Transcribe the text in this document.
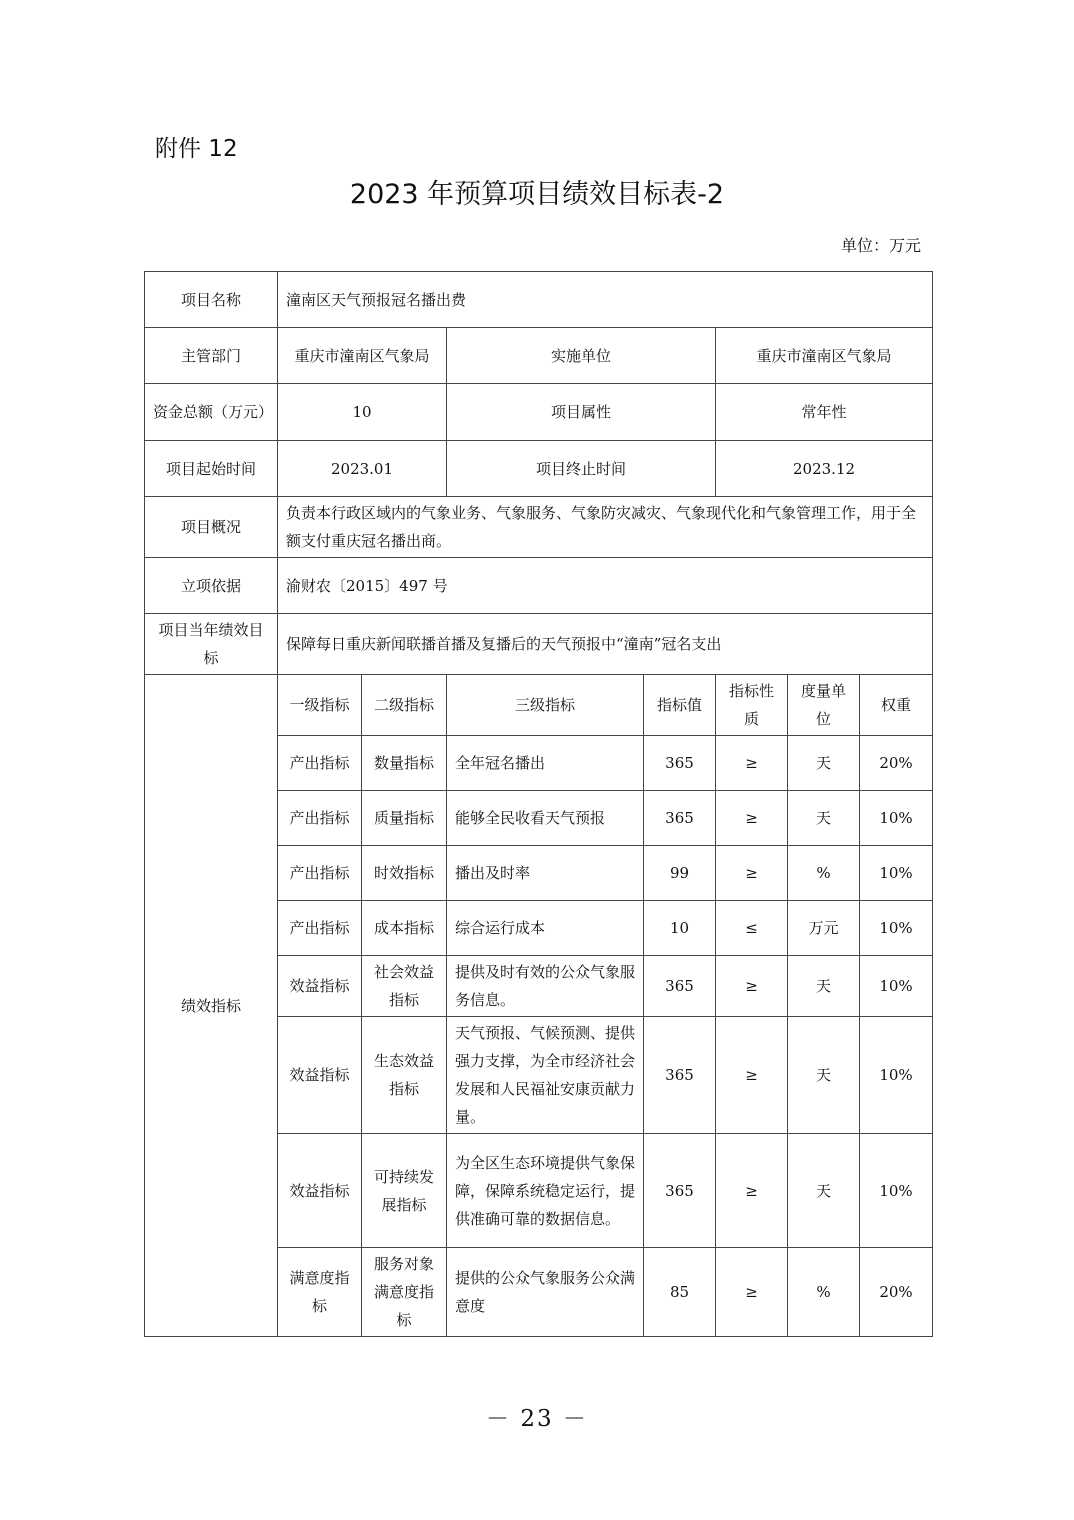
附件 12
2023 年预算项目绩效目标表-2
单位：万元
项目名称	潼南区天气预报冠名播出费						
主管部门	重庆市潼南区气象局		实施单位		重庆市潼南区气象局		
资金总额（万元）	10		项目属性		常年性		
项目起始时间	2023.01		项目终止时间		2023.12		
项目概况	负责本行政区域内的气象业务、气象服务、气象防灾减灾、气象现代化和气象管理工作，用于全额支付重庆冠名播出商。						
立项依据	渝财农〔2015〕497 号						
项目当年绩效目标	保障每日重庆新闻联播首播及复播后的天气预报中“潼南”冠名支出						
绩效指标	一级指标	二级指标	三级指标	指标值	指标性质	度量单位	权重
	产出指标	数量指标	全年冠名播出	365	≥	天	20%
	产出指标	质量指标	能够全民收看天气预报	365	≥	天	10%
	产出指标	时效指标	播出及时率	99	≥	%	10%
	产出指标	成本指标	综合运行成本	10	≤	万元	10%
	效益指标	社会效益指标	提供及时有效的公众气象服务信息。	365	≥	天	10%
	效益指标	生态效益指标	天气预报、气候预测、提供强力支撑，为全市经济社会发展和人民福祉安康贡献力量。	365	≥	天	10%
	效益指标	可持续发展指标	为全区生态环境提供气象保障，保障系统稳定运行，提供准确可靠的数据信息。	365	≥	天	10%
	满意度指标	服务对象满意度指标	提供的公众气象服务公众满意度	85	≥	%	20%
－ 23 －
